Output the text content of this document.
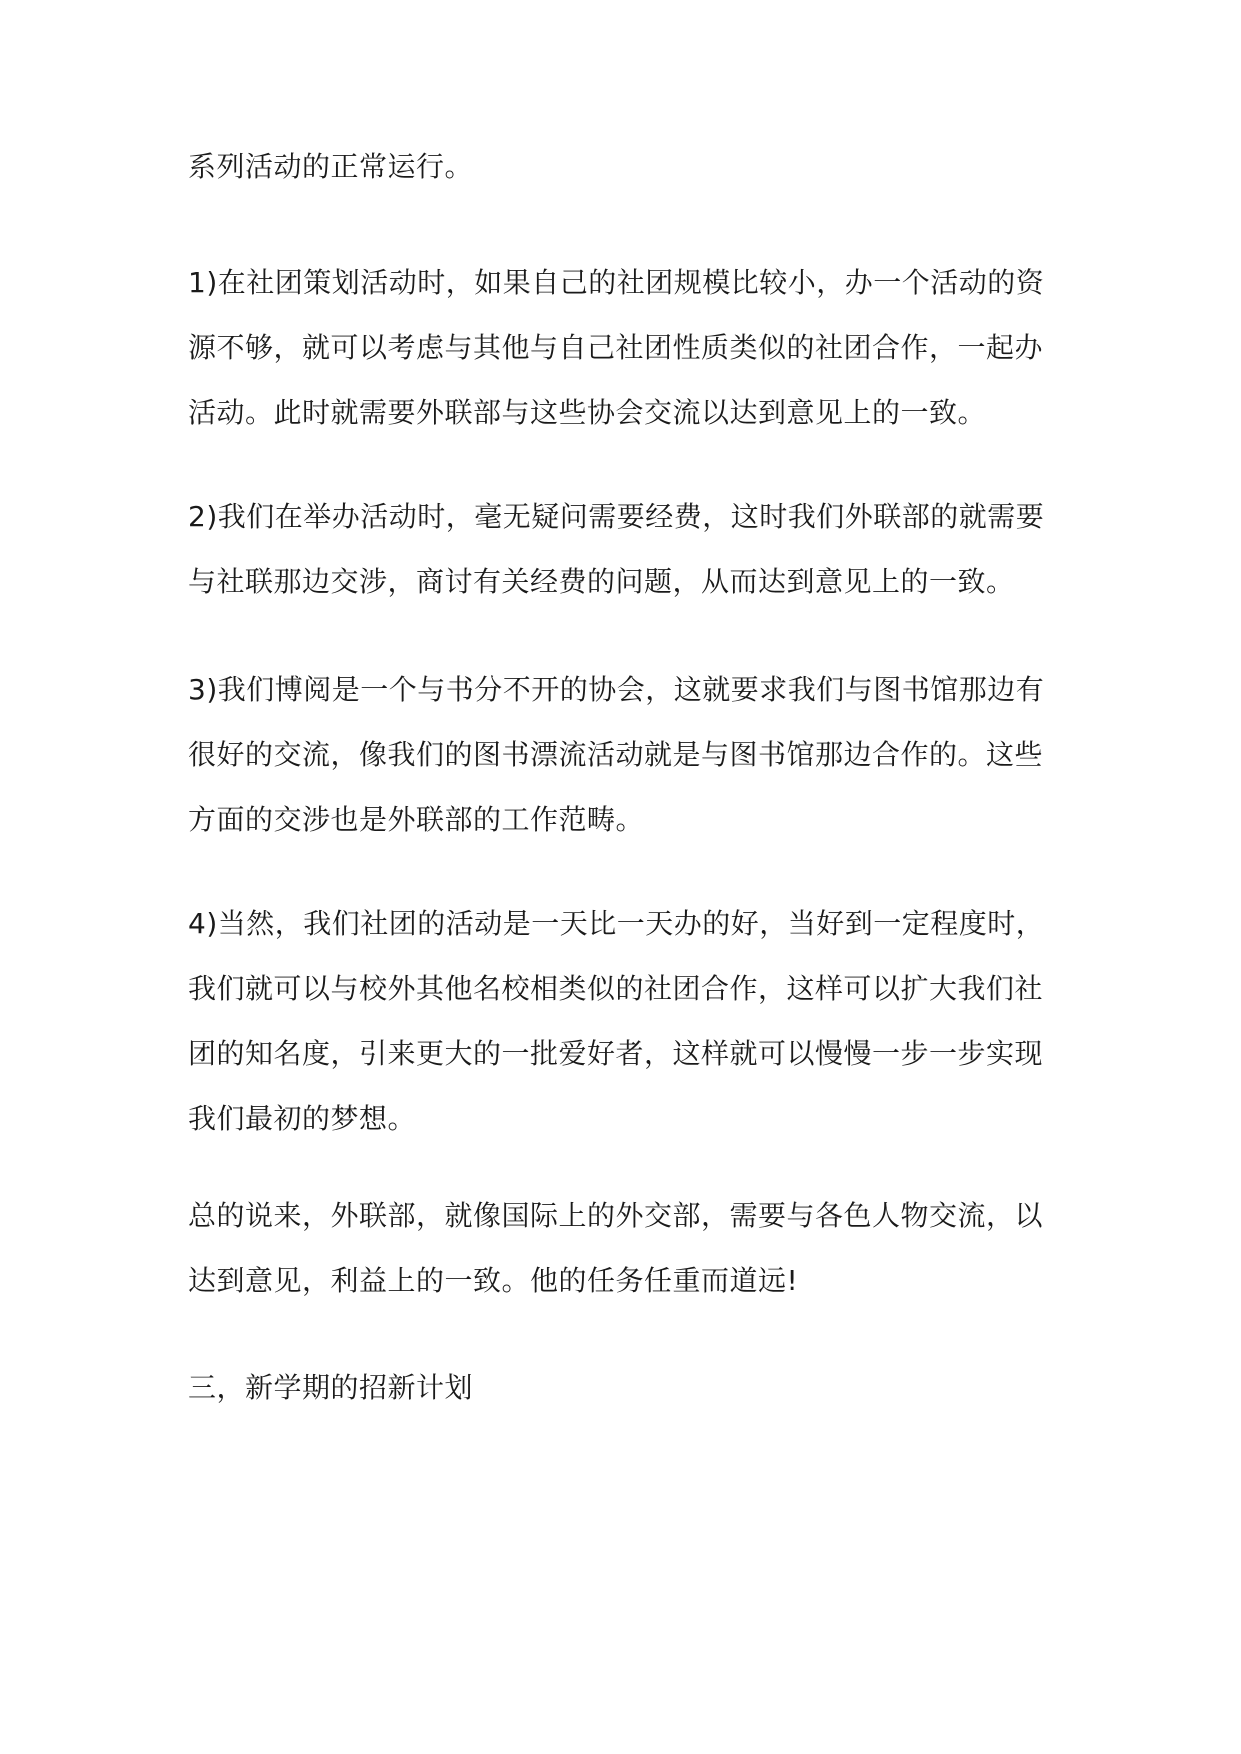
系列活动的正常运行。

1)在社团策划活动时，如果自己的社团规模比较小，办一个活动的资
源不够，就可以考虑与其他与自己社团性质类似的社团合作，一起办
活动。此时就需要外联部与这些协会交流以达到意见上的一致。

2)我们在举办活动时，毫无疑问需要经费，这时我们外联部的就需要
与社联那边交涉，商讨有关经费的问题，从而达到意见上的一致。

3)我们博阅是一个与书分不开的协会，这就要求我们与图书馆那边有
很好的交流，像我们的图书漂流活动就是与图书馆那边合作的。这些
方面的交涉也是外联部的工作范畴。

4)当然，我们社团的活动是一天比一天办的好，当好到一定程度时，
我们就可以与校外其他名校相类似的社团合作，这样可以扩大我们社
团的知名度，引来更大的一批爱好者，这样就可以慢慢一步一步实现
我们最初的梦想。

总的说来，外联部，就像国际上的外交部，需要与各色人物交流，以
达到意见，利益上的一致。他的任务任重而道远!

三，新学期的招新计划
